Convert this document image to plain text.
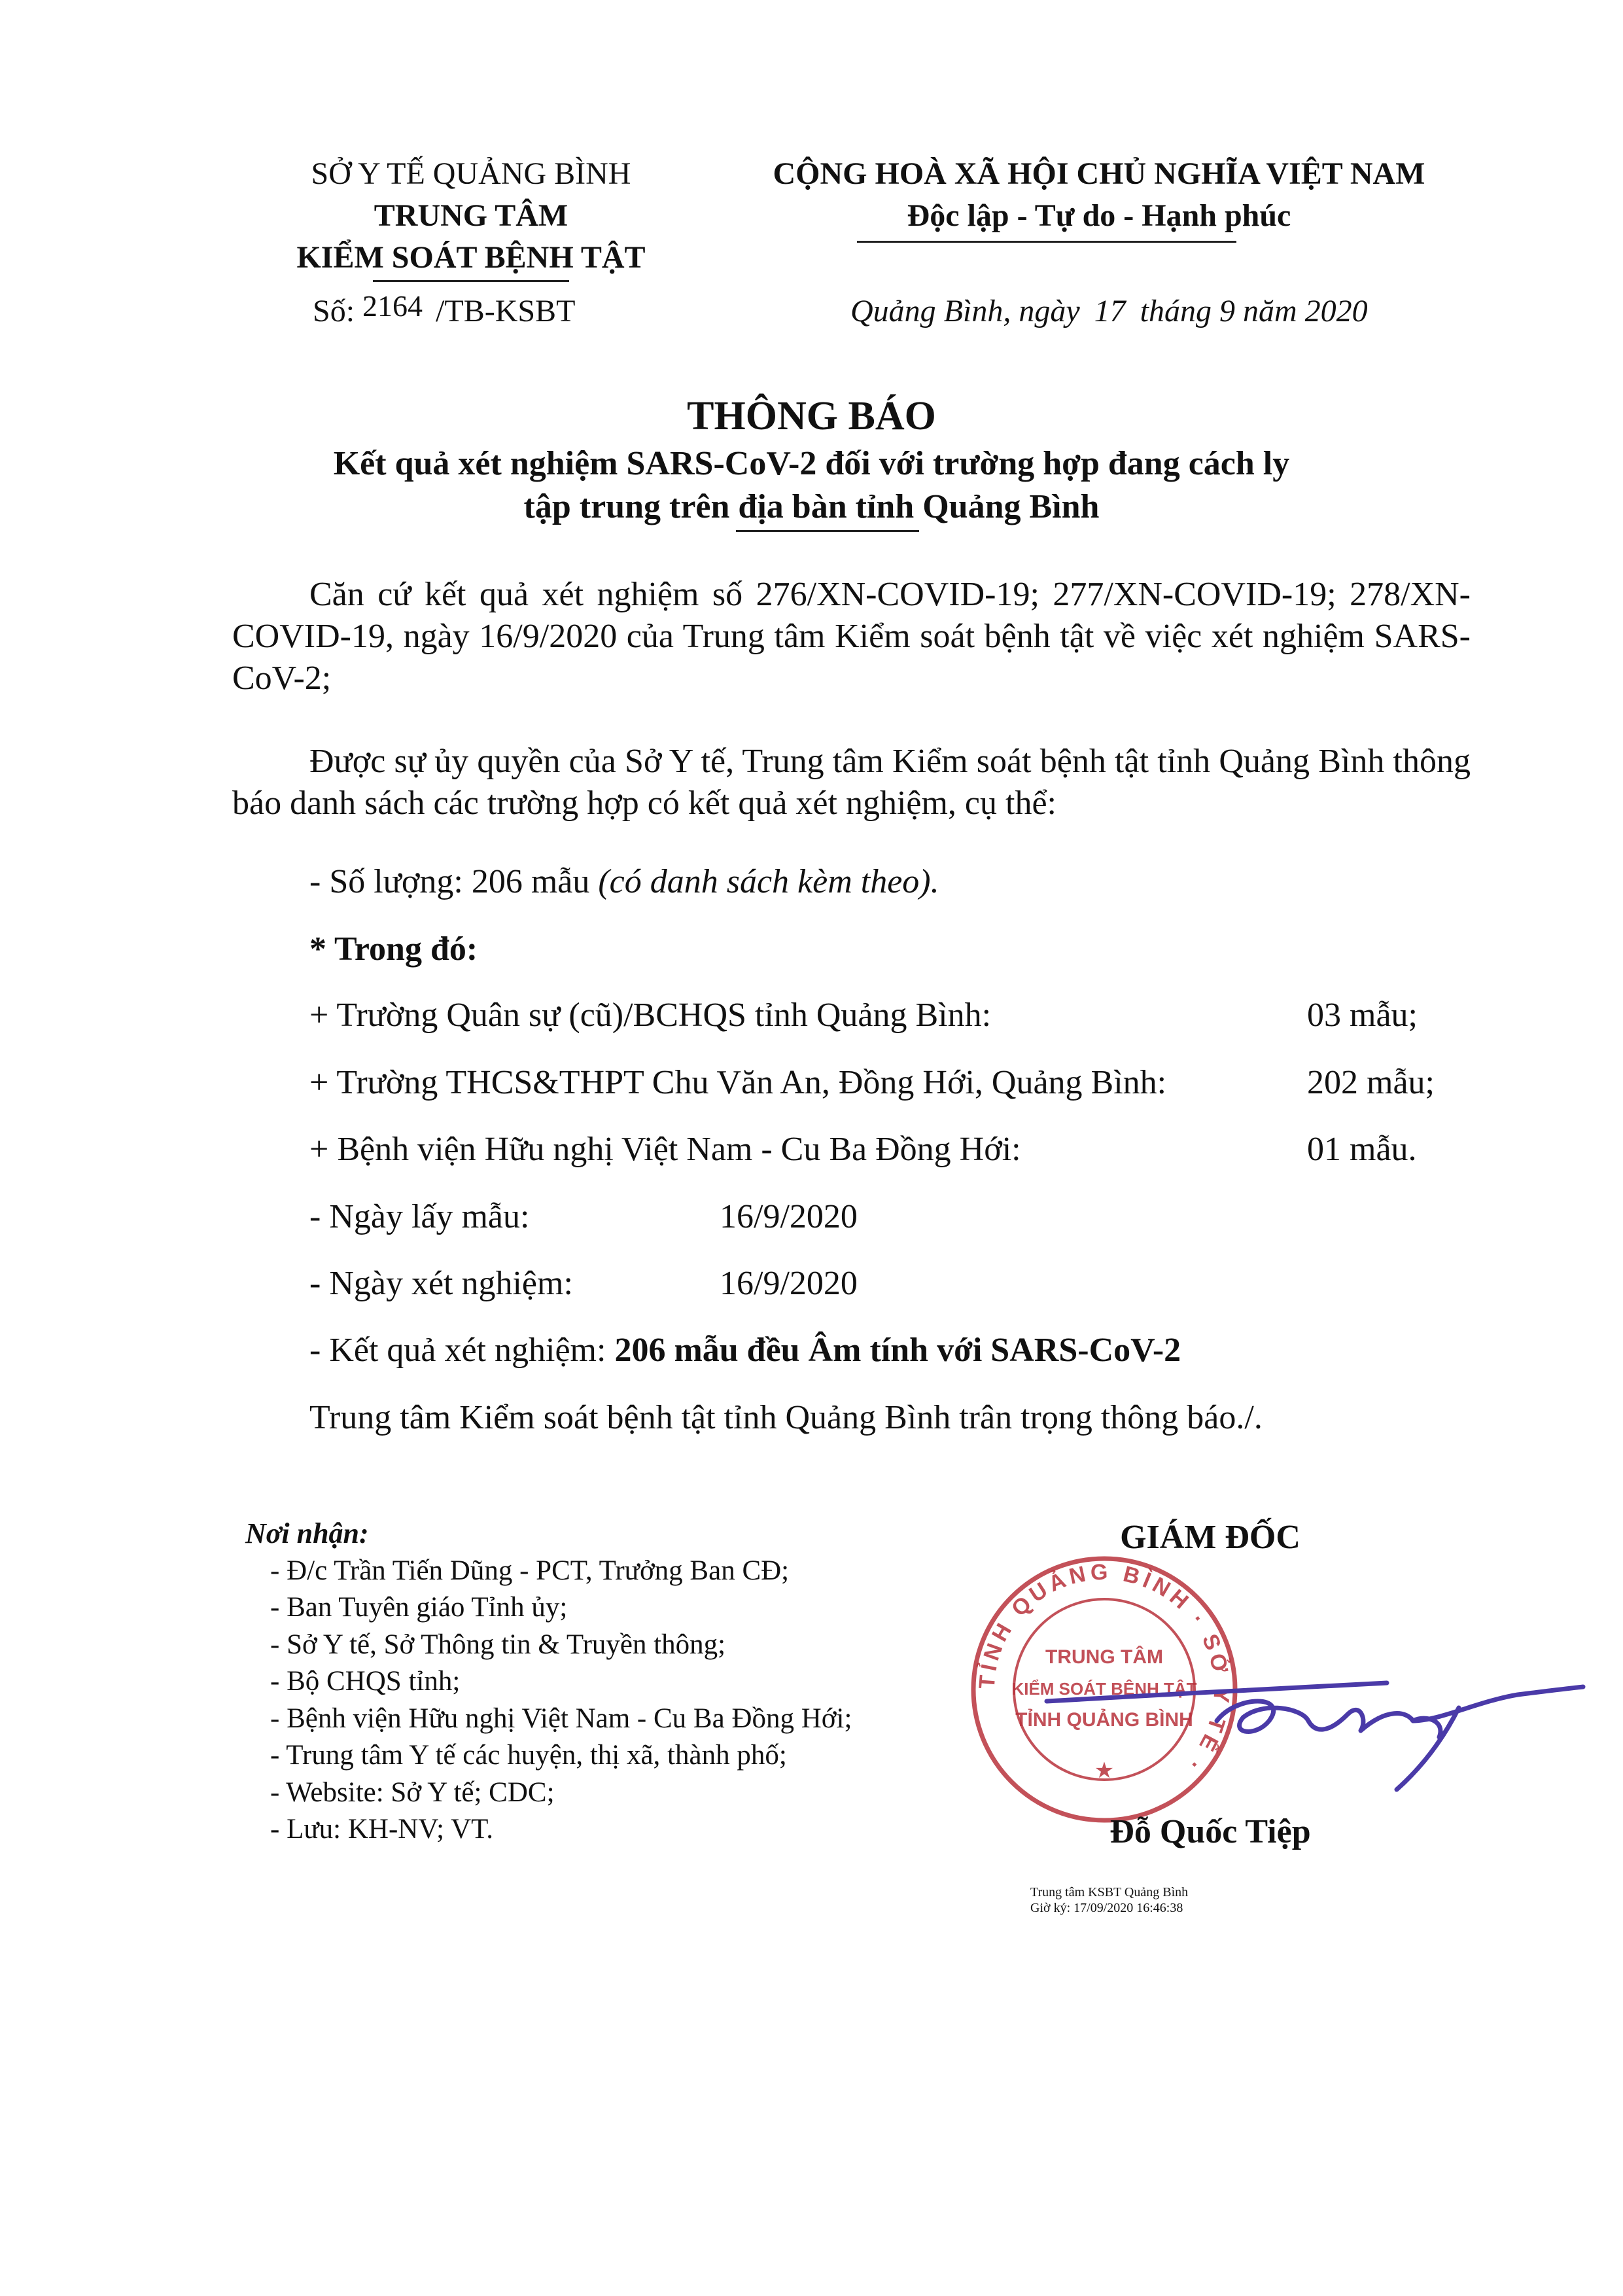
SỞ Y TẾ QUẢNG BÌNH
TRUNG TÂM
KIỂM SOÁT BỆNH TẬT
Số: 2164 /TB-KSBT
CỘNG HOÀ XÃ HỘI CHỦ NGHĨA VIỆT NAM
Độc lập - Tự do - Hạnh phúc
Quảng Bình, ngày 17 tháng 9 năm 2020
THÔNG BÁO
Kết quả xét nghiệm SARS-CoV-2 đối với trường hợp đang cách ly
tập trung trên địa bàn tỉnh Quảng Bình
Căn cứ kết quả xét nghiệm số 276/XN-COVID-19; 277/XN-COVID-19; 278/XN-COVID-19, ngày 16/9/2020 của Trung tâm Kiểm soát bệnh tật về việc xét nghiệm SARS-CoV-2;
Được sự ủy quyền của Sở Y tế, Trung tâm Kiểm soát bệnh tật tỉnh Quảng Bình thông báo danh sách các trường hợp có kết quả xét nghiệm, cụ thể:
- Số lượng: 206 mẫu (có danh sách kèm theo).
* Trong đó:
+ Trường Quân sự (cũ)/BCHQS tỉnh Quảng Bình:	03 mẫu;
+ Trường THCS&THPT Chu Văn An, Đồng Hới, Quảng Bình:	202 mẫu;
+ Bệnh viện Hữu nghị Việt Nam - Cu Ba Đồng Hới:	01 mẫu.
- Ngày lấy mẫu:	16/9/2020
- Ngày xét nghiệm:	16/9/2020
- Kết quả xét nghiệm: 206 mẫu đều Âm tính với SARS-CoV-2
Trung tâm Kiểm soát bệnh tật tỉnh Quảng Bình trân trọng thông báo./.
Nơi nhận:
- Đ/c Trần Tiến Dũng - PCT, Trưởng Ban CĐ;
- Ban Tuyên giáo Tỉnh ủy;
- Sở Y tế, Sở Thông tin & Truyền thông;
- Bộ CHQS tỉnh;
- Bệnh viện Hữu nghị Việt Nam - Cu Ba Đồng Hới;
- Trung tâm Y tế các huyện, thị xã, thành phố;
- Website: Sở Y tế; CDC;
- Lưu: KH-NV; VT.
GIÁM ĐỐC
TỈNH QUẢNG BÌNH · SỞ Y TẾ ·
TRUNG TÂM
KIỂM SOÁT BỆNH TẬT
TỈNH QUẢNG BÌNH
★
Đỗ Quốc Tiệp
Trung tâm KSBT Quảng Bình
Giờ ký: 17/09/2020 16:46:38
